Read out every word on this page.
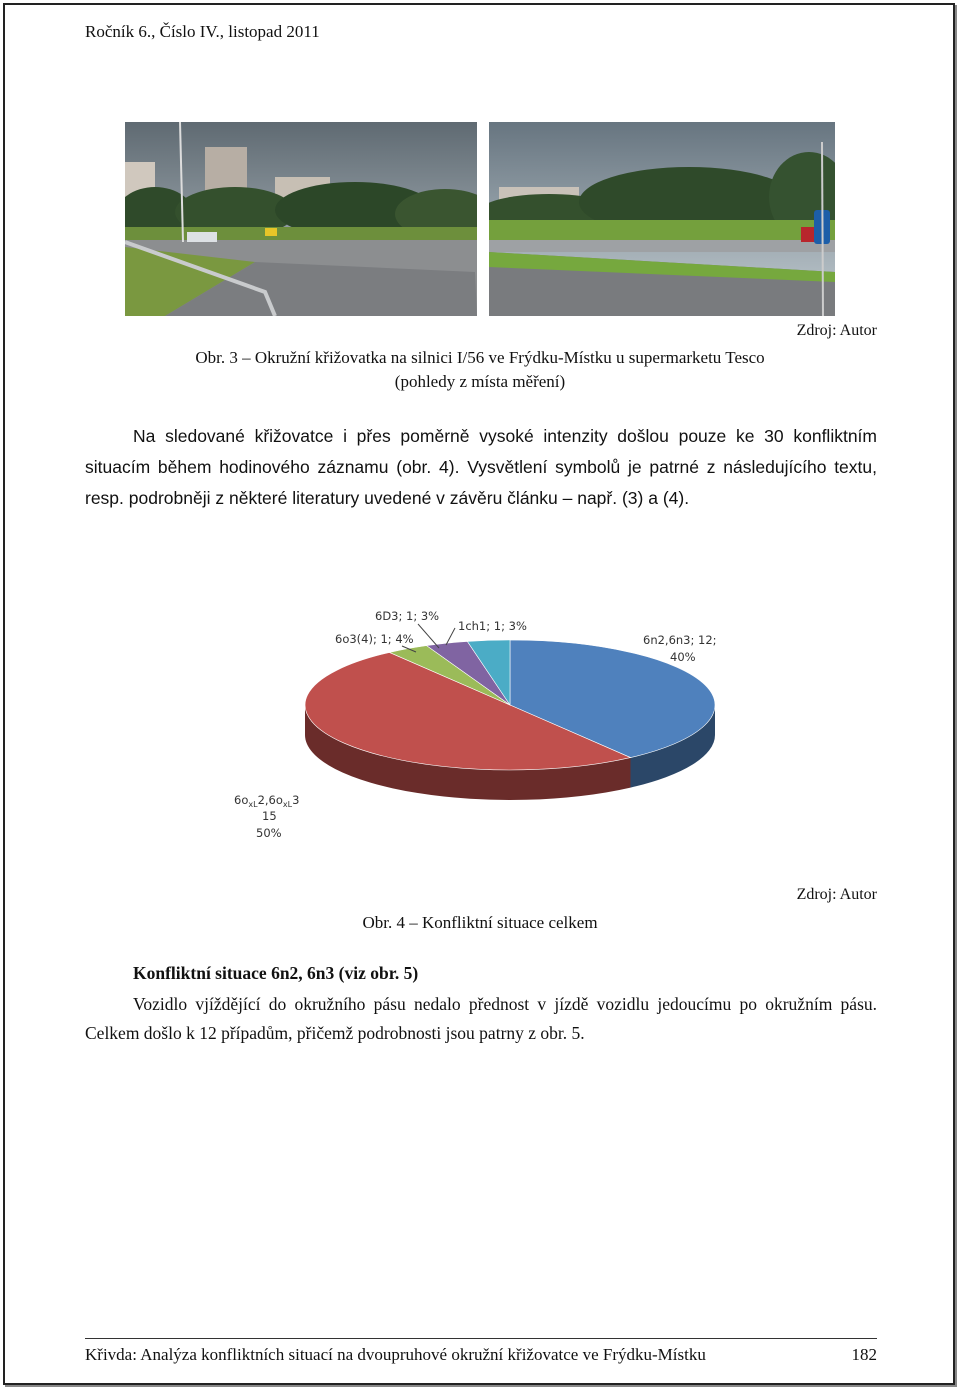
Ročník 6., Číslo IV., listopad 2011
Zdroj: Autor
Obr. 3 – Okružní křižovatka na silnici I/56 ve Frýdku-Místku u supermarketu Tesco
(pohledy z místa měření)

Na sledované křižovatce i přes poměrně vysoké intenzity došlou pouze ke 30 konfliktním situacím během hodinového záznamu (obr. 4). Vysvětlení symbolů je patrné z následujícího textu, resp. podrobněji z některé literatury uvedené v závěru článku – např. (3) a (4).

6D3; 1; 3%
6o3(4); 1; 4%
1ch1; 1; 3%
6n2,6n3; 12;
40%
$6o_{xL}2,6o_{xL}3$
15
50%
Zdroj: Autor
Obr. 4 – Konfliktní situace celkem
Konfliktní situace 6n2, 6n3 (viz obr. 5)

Vozidlo vjíždějící do okružního pásu nedalo přednost v jízdě vozidlu jedoucímu po okružním pásu. Celkem došlo k 12 případům, přičemž podrobnosti jsou patrny z obr. 5.

Křivda: Analýza konfliktních situací na dvoupruhové okružní křižovatce ve Frýdku-Místku	182
